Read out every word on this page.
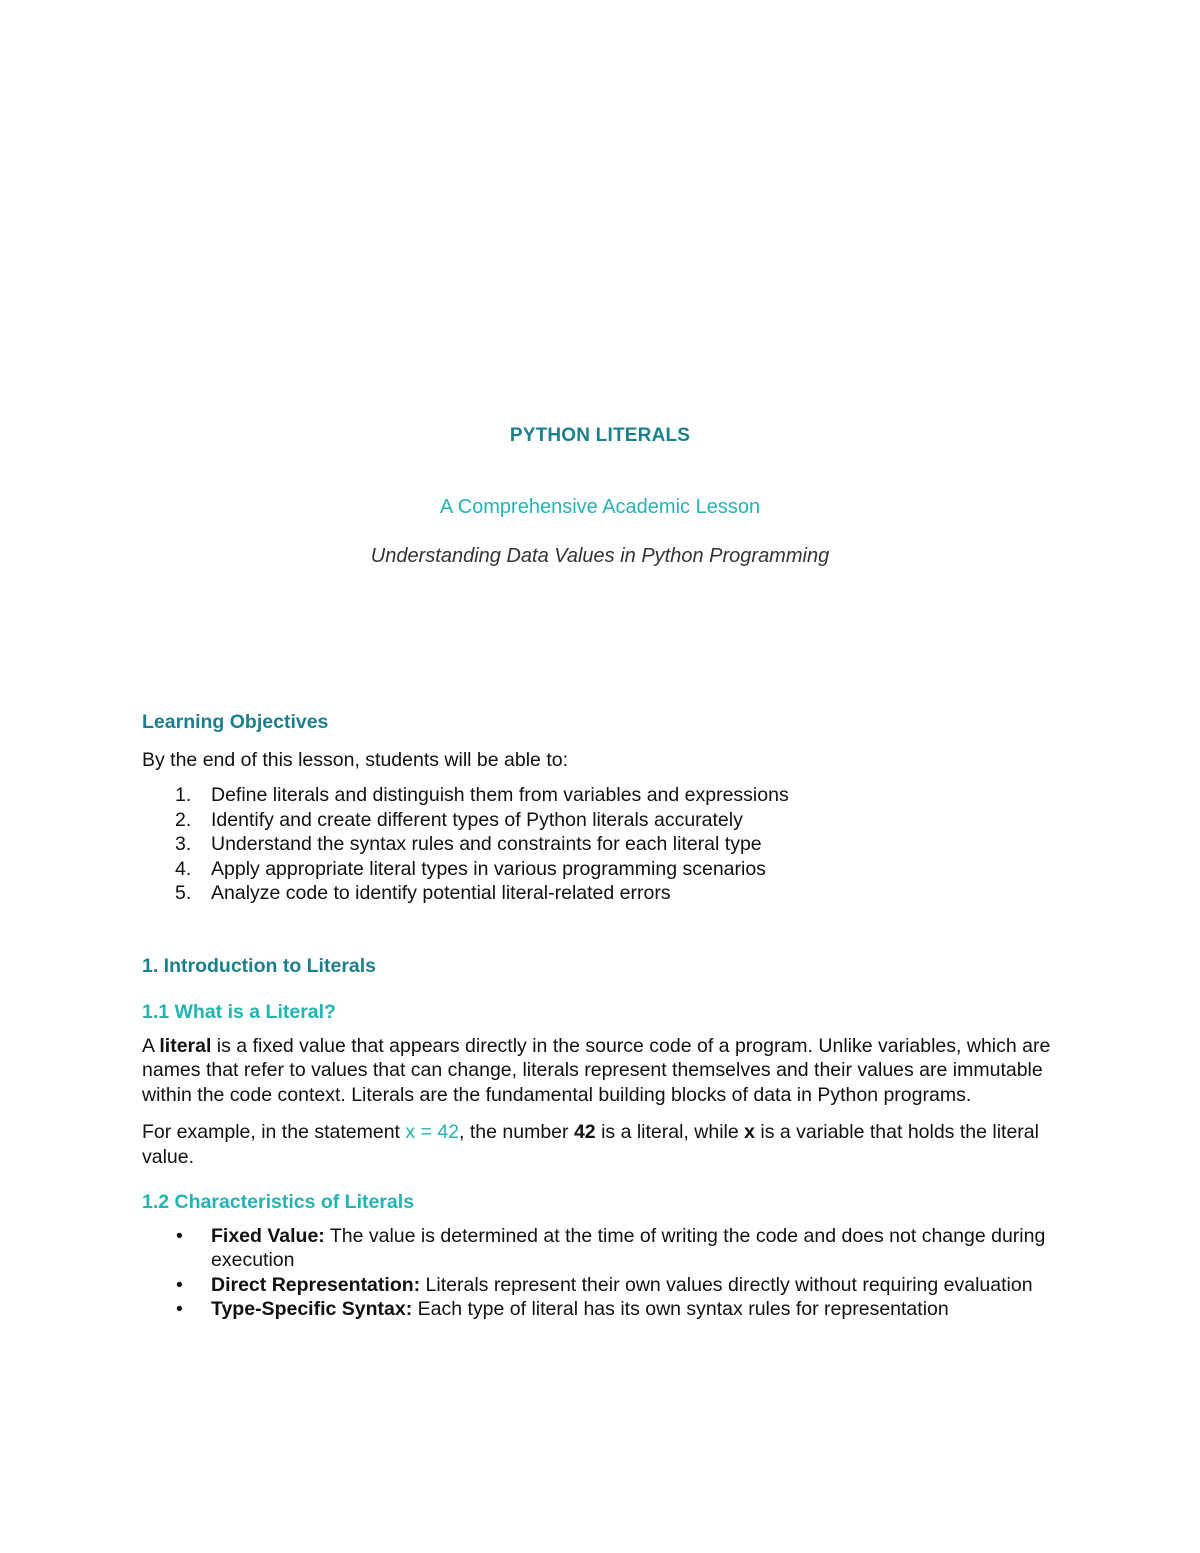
PYTHON LITERALS
A Comprehensive Academic Lesson
Understanding Data Values in Python Programming
Learning Objectives

By the end of this lesson, students will be able to:

1. Define literals and distinguish them from variables and expressions
2. Identify and create different types of Python literals accurately
3. Understand the syntax rules and constraints for each literal type
4. Apply appropriate literal types in various programming scenarios
5. Analyze code to identify potential literal-related errors
1. Introduction to Literals
1.1 What is a Literal?

A literal is a fixed value that appears directly in the source code of a program. Unlike variables, which are names that refer to values that can change, literals represent themselves and their values are immutable within the code context. Literals are the fundamental building blocks of data in Python programs.

For example, in the statement x = 42, the number 42 is a literal, while x is a variable that holds the literal value.

1.2 Characteristics of Literals
• Fixed Value: The value is determined at the time of writing the code and does not change during execution
• Direct Representation: Literals represent their own values directly without requiring evaluation
• Type-Specific Syntax: Each type of literal has its own syntax rules for representation
